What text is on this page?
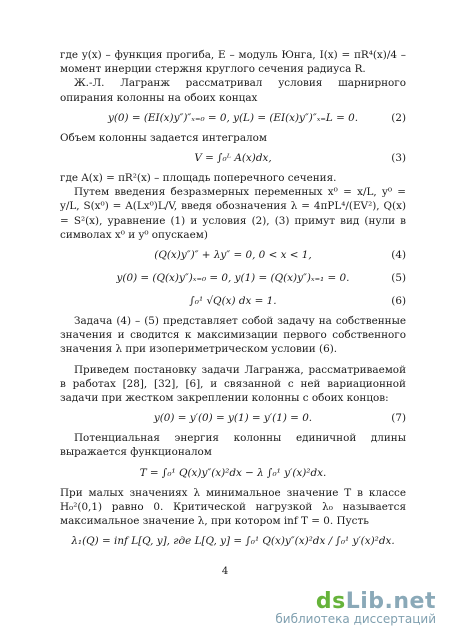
где y(x) – функция прогиба, E – модуль Юнга, I(x) = πR⁴(x)/4 – момент инерции стержня круглого сечения радиуса R.

Ж.-Л. Лагранж рассматривал условия шарнирного опирания колонны на обоих концах

y(0) = (EI(x)y″)″ₓ₌₀ = 0, y(L) = (EI(x)y″)″ₓ₌L = 0.	(2)

Объем колонны задается интегралом

V = ∫₀ᴸ A(x)dx,	(3)

где A(x) = πR²(x) – площадь поперечного сечения.

Путем введения безразмерных переменных x⁰ = x/L, y⁰ = y/L, S(x⁰) = A(Lx⁰)L/V, введя обозначения λ = 4πPL⁴/(EV²), Q(x) = S²(x), уравнение (1) и условия (2), (3) примут вид (нули в символах x⁰ и y⁰ опускаем)

(Q(x)y″)″ + λy″ = 0, 0 < x < 1,	(4)
y(0) = (Q(x)y″)ₓ₌₀ = 0, y(1) = (Q(x)y″)ₓ₌₁ = 0.	(5)
∫₀¹ √Q(x) dx = 1.	(6)

Задача (4) – (5) представляет собой задачу на собственные значения и сводится к максимизации первого собственного значения λ при изопериметрическом условии (6).

Приведем постановку задачи Лагранжа, рассматриваемой в работах [28], [32], [6], и связанной с ней вариационной задачи при жестком закреплении колонны с обоих концов:

y(0) = y′(0) = y(1) = y′(1) = 0.	(7)

Потенциальная энергия колонны единичной длины выражается функционалом

T = ∫₀¹ Q(x)y″(x)²dx − λ ∫₀¹ y′(x)²dx.

При малых значениях λ минимальное значение T в классе H₀²(0,1) равно 0. Критической нагрузкой λ₀ называется максимальное значение λ, при котором inf T = 0. Пусть

λ₁(Q) = inf L[Q, y], где L[Q, y] = ∫₀¹ Q(x)y″(x)²dx / ∫₀¹ y′(x)²dx.
4
dsLib.net
библиотека диссертаций
